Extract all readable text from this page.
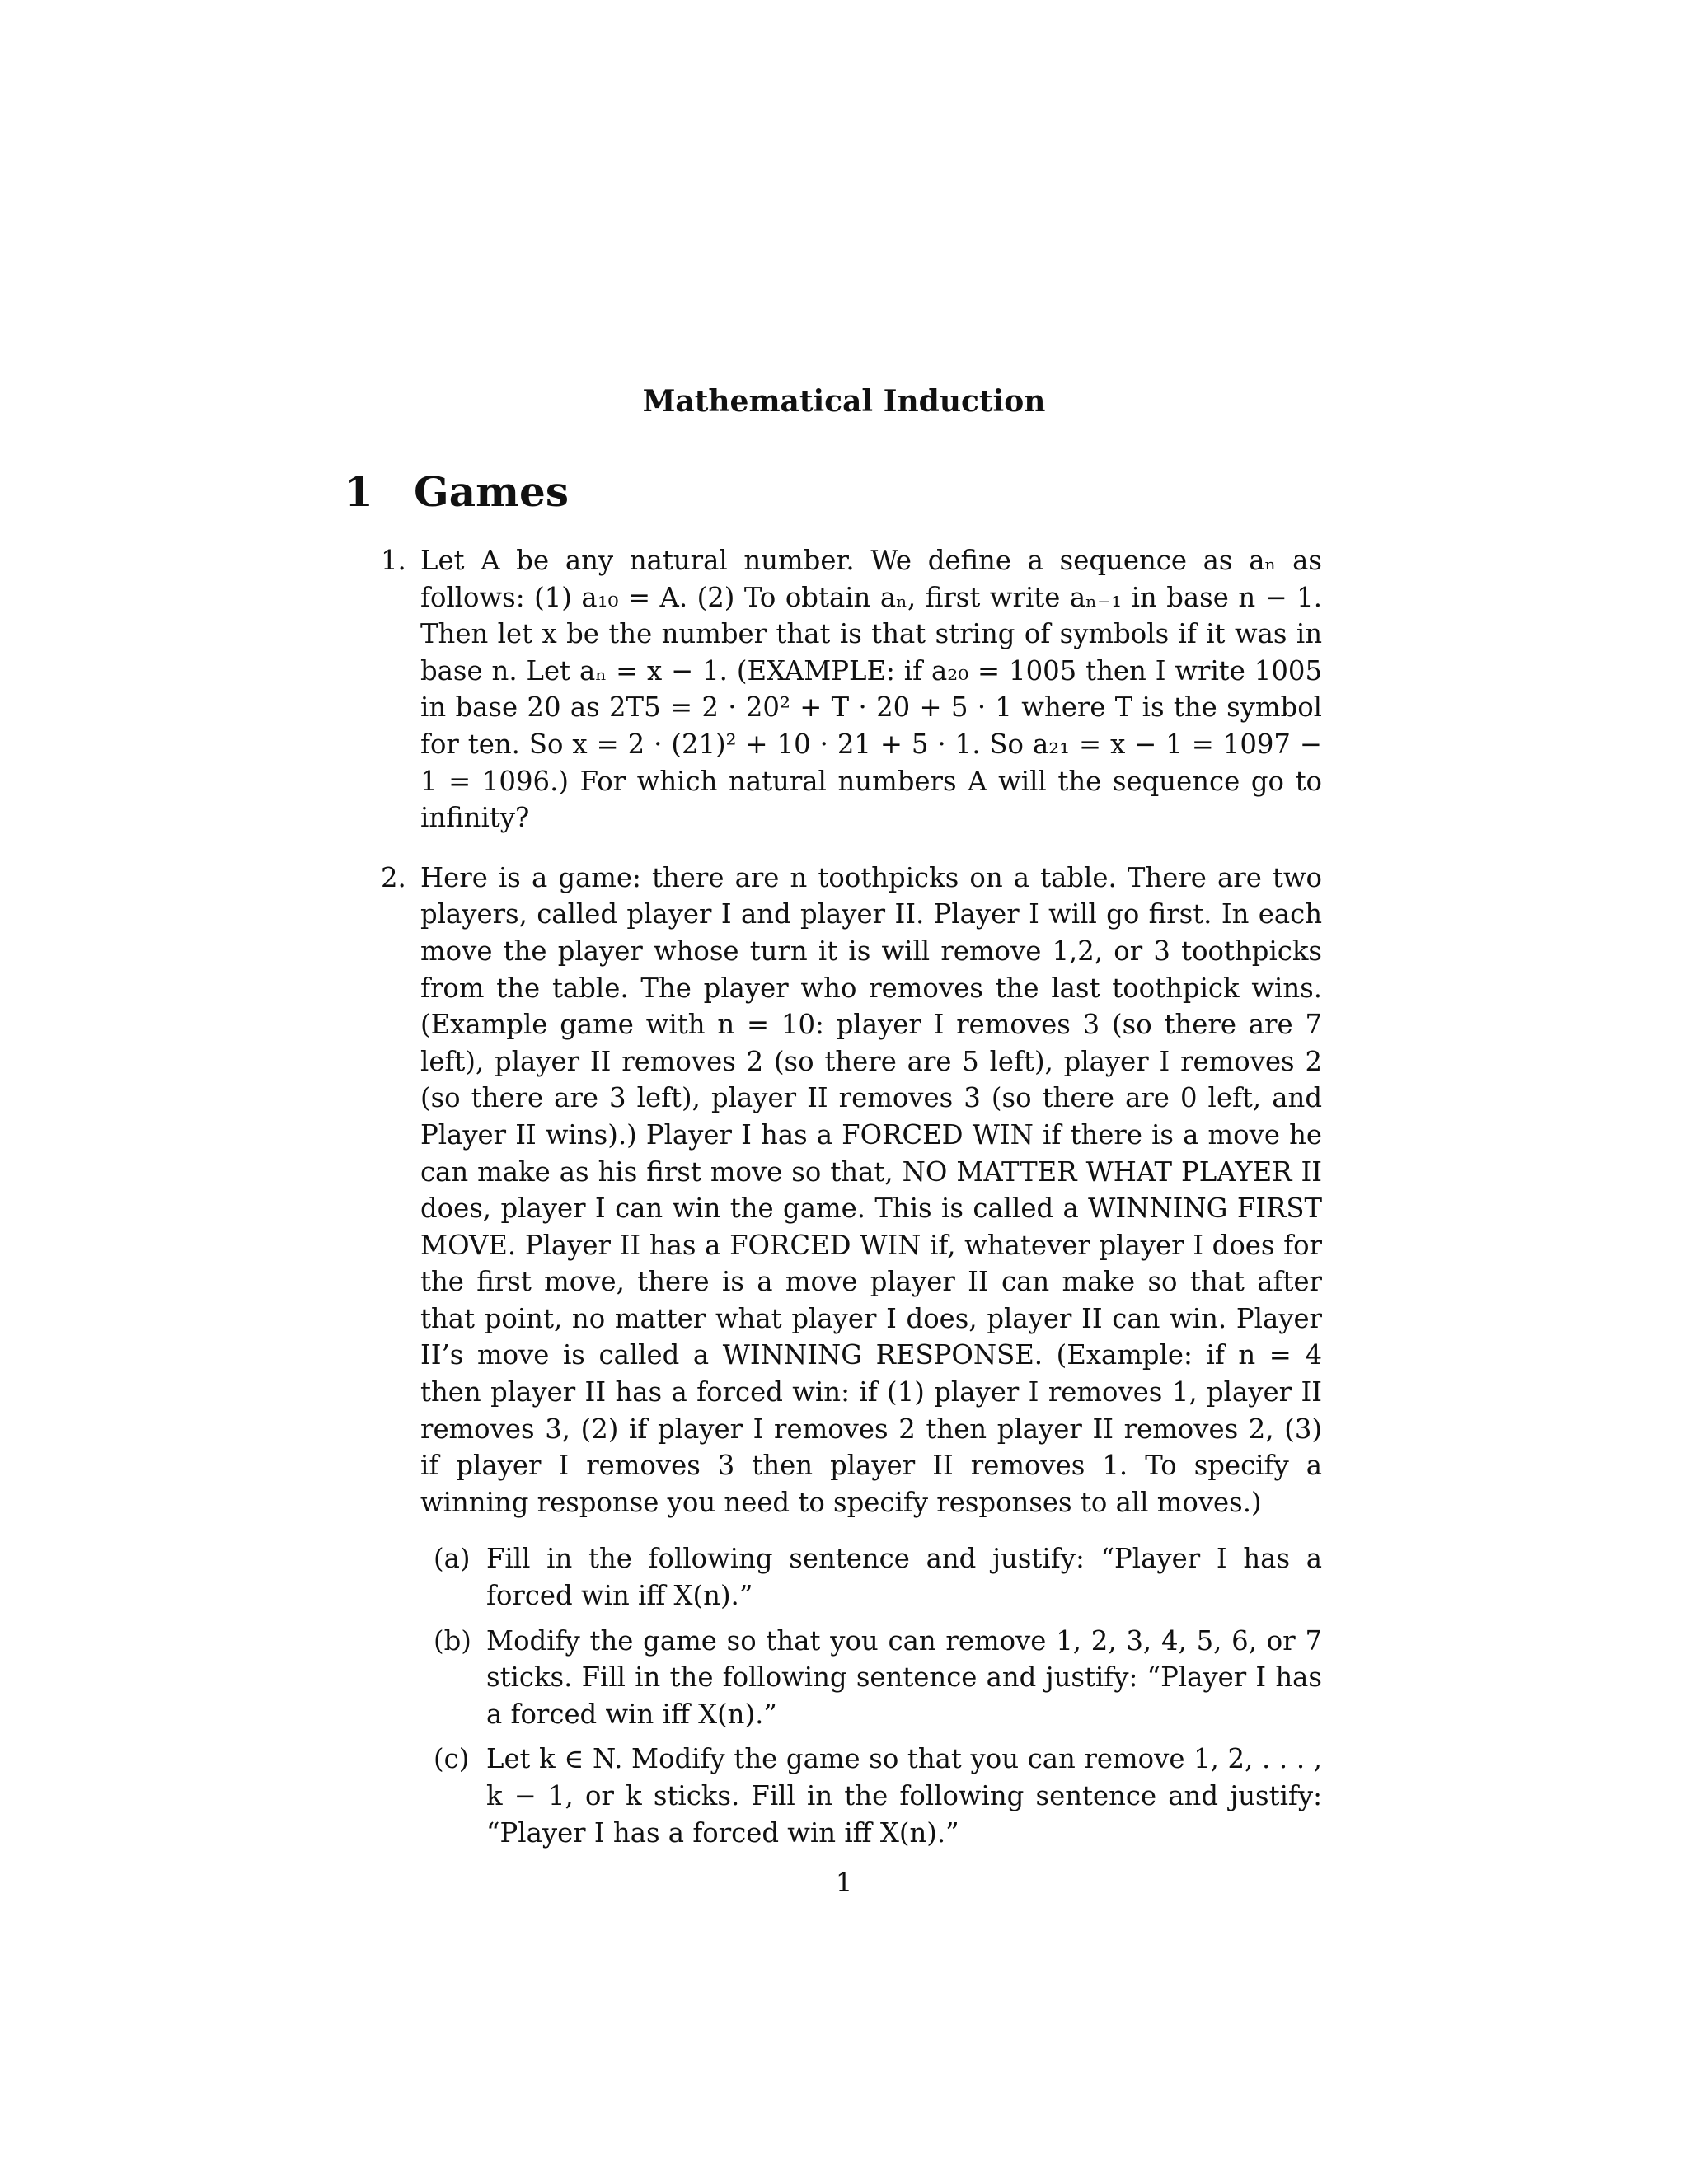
Mathematical Induction
1 Games
1. Let A be any natural number. We define a sequence as aₙ as follows: (1) a₁₀ = A. (2) To obtain aₙ, first write aₙ₋₁ in base n − 1. Then let x be the number that is that string of symbols if it was in base n. Let aₙ = x − 1. (EXAMPLE: if a₂₀ = 1005 then I write 1005 in base 20 as 2T5 = 2 · 20² + T · 20 + 5 · 1 where T is the symbol for ten. So x = 2 · (21)² + 10 · 21 + 5 · 1. So a₂₁ = x − 1 = 1097 − 1 = 1096.) For which natural numbers A will the sequence go to infinity?

2. Here is a game: there are n toothpicks on a table. There are two players, called player I and player II. Player I will go first. In each move the player whose turn it is will remove 1,2, or 3 toothpicks from the table. The player who removes the last toothpick wins. (Example game with n = 10: player I removes 3 (so there are 7 left), player II removes 2 (so there are 5 left), player I removes 2 (so there are 3 left), player II removes 3 (so there are 0 left, and Player II wins).) Player I has a FORCED WIN if there is a move he can make as his first move so that, NO MATTER WHAT PLAYER II does, player I can win the game. This is called a WINNING FIRST MOVE. Player II has a FORCED WIN if, whatever player I does for the first move, there is a move player II can make so that after that point, no matter what player I does, player II can win. Player II’s move is called a WINNING RESPONSE. (Example: if n = 4 then player II has a forced win: if (1) player I removes 1, player II removes 3, (2) if player I removes 2 then player II removes 2, (3) if player I removes 3 then player II removes 1. To specify a winning response you need to specify responses to all moves.)

(a) Fill in the following sentence and justify: “Player I has a forced win iff X(n).”
(b) Modify the game so that you can remove 1, 2, 3, 4, 5, 6, or 7 sticks. Fill in the following sentence and justify: “Player I has a forced win iff X(n).”
(c) Let k ∈ N. Modify the game so that you can remove 1, 2, . . . , k − 1, or k sticks. Fill in the following sentence and justify: “Player I has a forced win iff X(n).”
1
